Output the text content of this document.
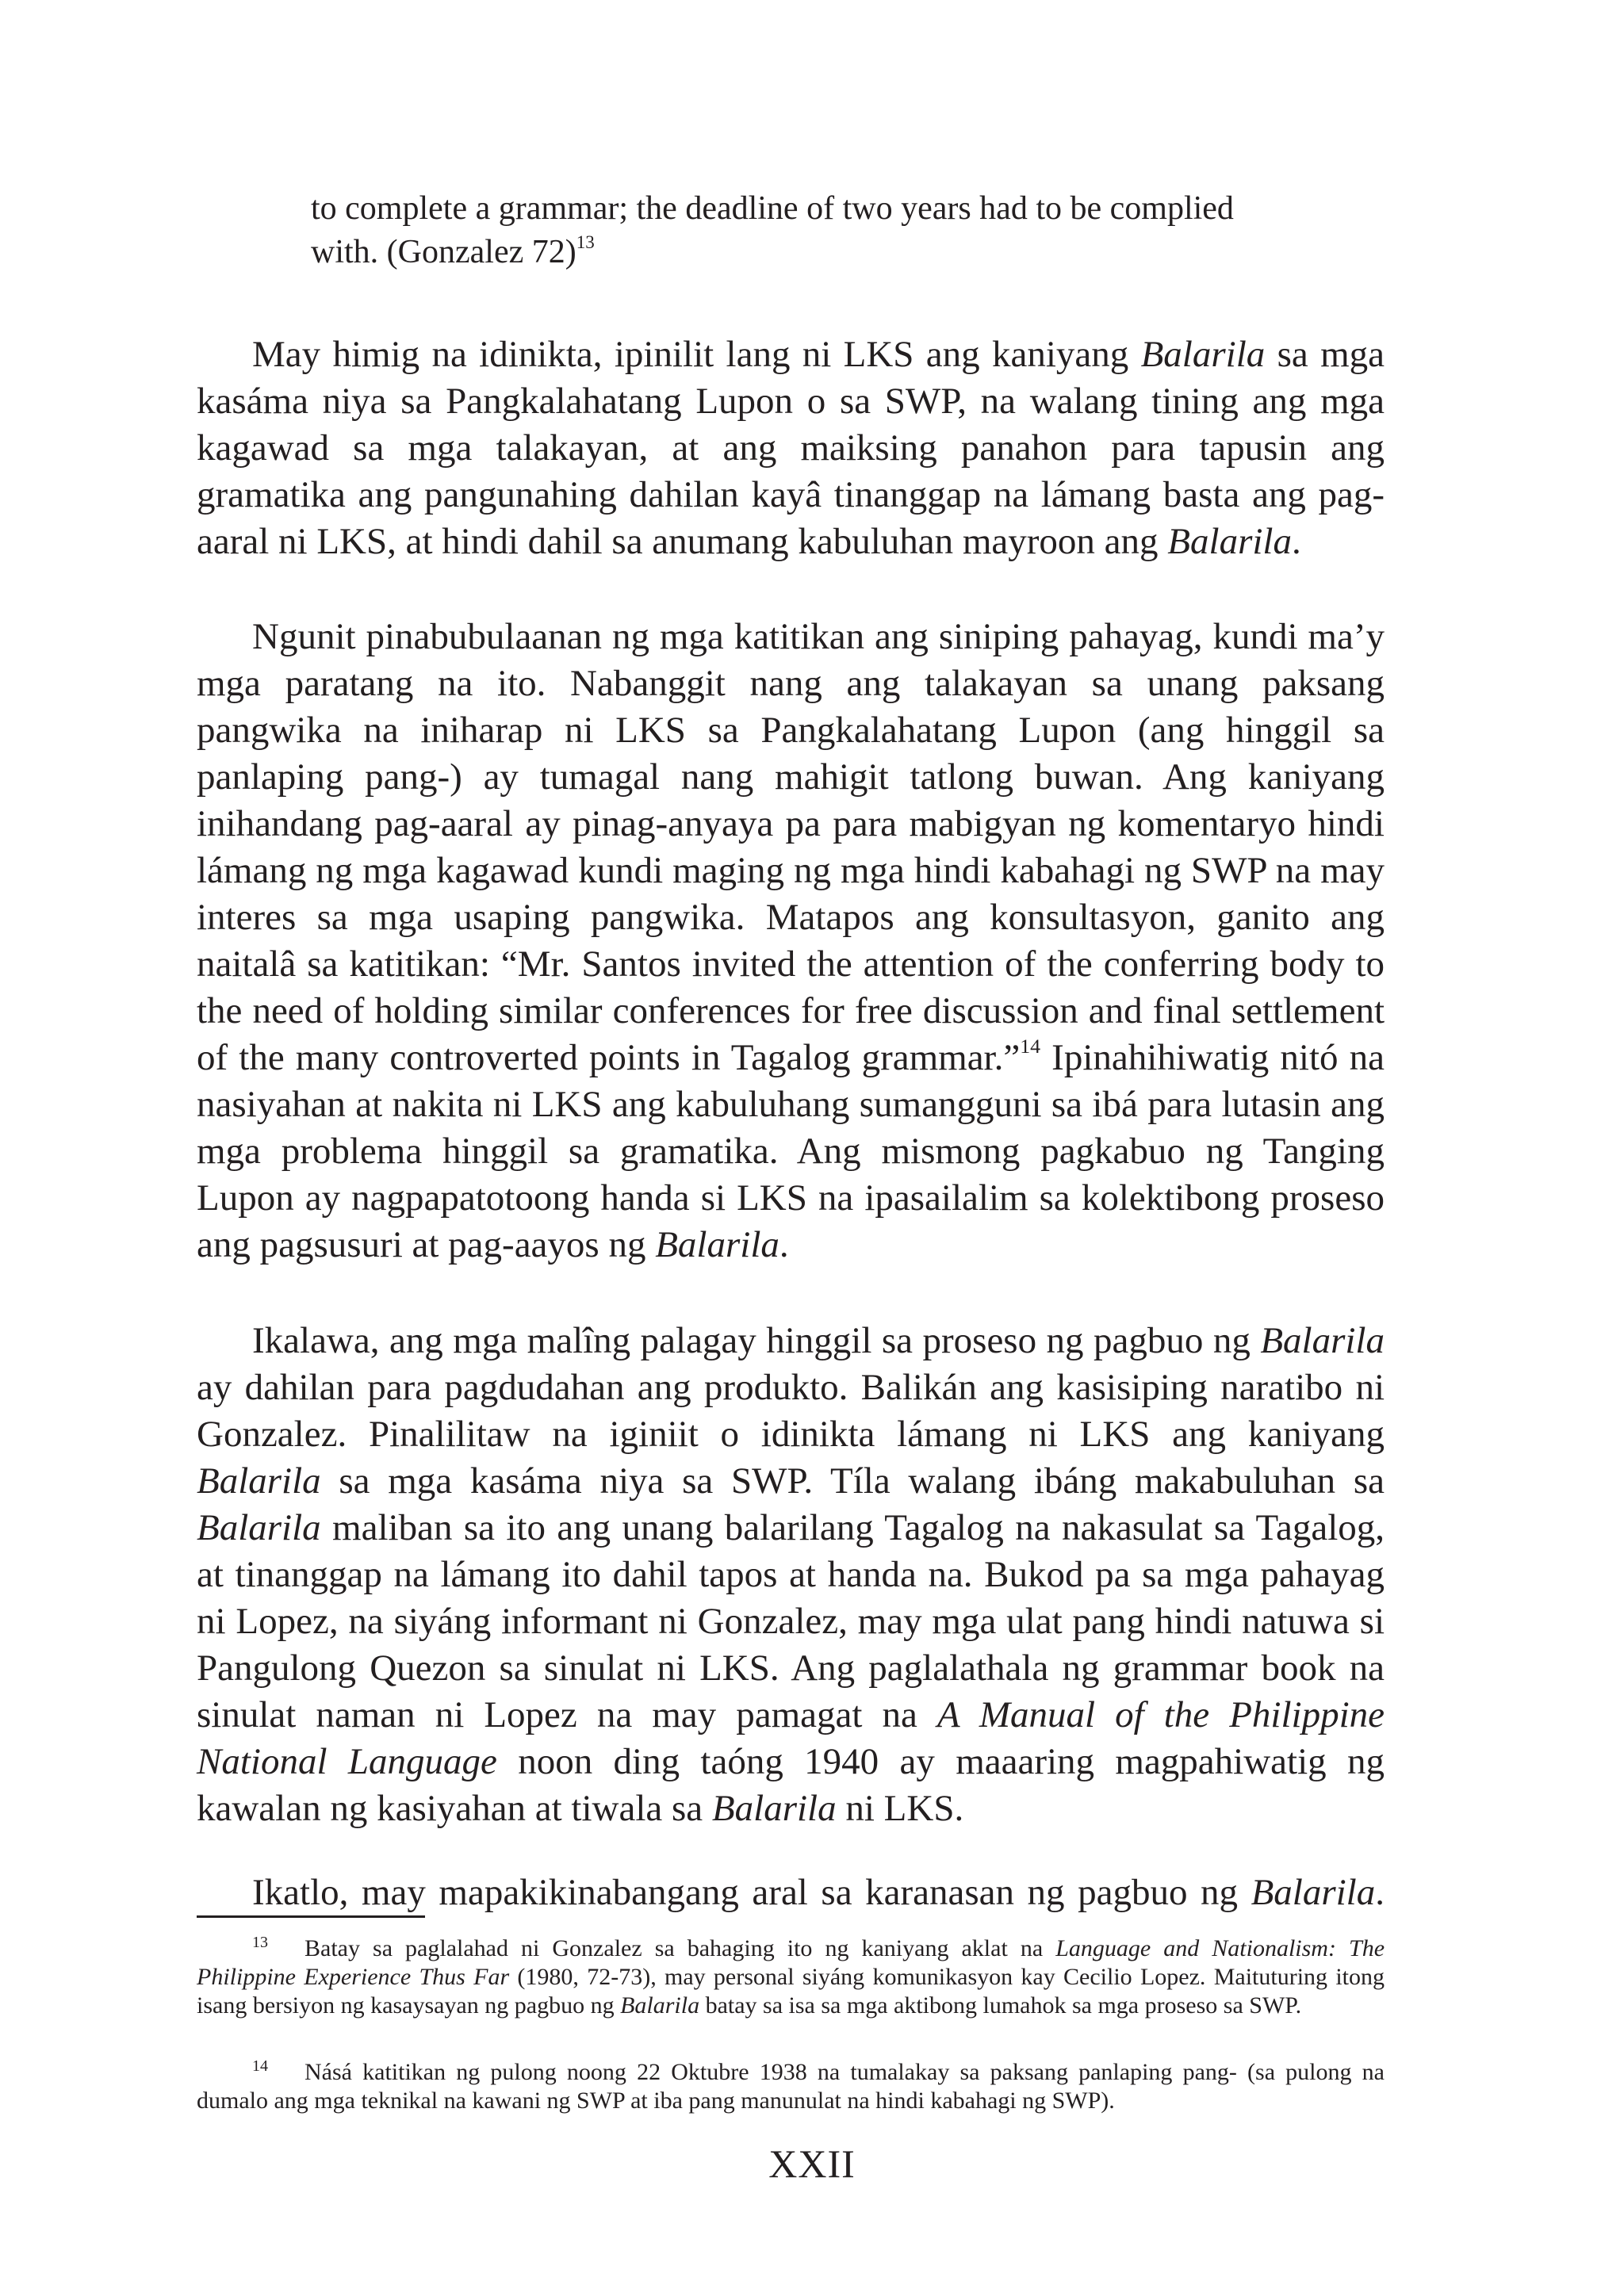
to complete a grammar; the deadline of two years had to be complied
with. (Gonzalez 72)$^{13}$

May himig na idinikta, ipinilit lang ni LKS ang kaniyang Balarila sa mga kasáma niya sa Pangkalahatang Lupon o sa SWP, na walang tining ang mga kagawad sa mga talakayan, at ang maiksing panahon para tapusin ang gramatika ang pangunahing dahilan kayâ tinanggap na lámang basta ang pag-aaral ni LKS, at hindi dahil sa anumang kabuluhan mayroon ang Balarila.

Ngunit pinabubulaanan ng mga katitikan ang siniping pahayag, kundi ma’y mga paratang na ito. Nabanggit nang ang talakayan sa unang paksang pangwika na iniharap ni LKS sa Pangkalahatang Lupon (ang hinggil sa panlaping pang-) ay tumagal nang mahigit tatlong buwan. Ang kaniyang inihandang pag-aaral ay pinag-anyaya pa para mabigyan ng komentaryo hindi lámang ng mga kagawad kundi maging ng mga hindi kabahagi ng SWP na may interes sa mga usaping pangwika. Matapos ang konsultasyon, ganito ang naitalâ sa katitikan: “Mr. Santos invited the attention of the conferring body to the need of holding similar conferences for free discussion and final settlement of the many controverted points in Tagalog grammar.”$^{14}$ Ipinahihiwatig nitó na nasiyahan at nakita ni LKS ang kabuluhang sumangguni sa ibá para lutasin ang mga problema hinggil sa gramatika. Ang mismong pagkabuo ng Tanging Lupon ay nagpapatotoong handa si LKS na ipasailalim sa kolektibong proseso ang pagsusuri at pag-aayos ng Balarila.

Ikalawa, ang mga malîng palagay hinggil sa proseso ng pagbuo ng Balarila ay dahilan para pagdudahan ang produkto. Balikán ang kasisiping naratibo ni Gonzalez. Pinalilitaw na iginiit o idinikta lámang ni LKS ang kaniyang Balarila sa mga kasáma niya sa SWP. Tíla walang ibáng makabuluhan sa Balarila maliban sa ito ang unang balarilang Tagalog na nakasulat sa Tagalog, at tinanggap na lámang ito dahil tapos at handa na. Bukod pa sa mga pahayag ni Lopez, na siyáng informant ni Gonzalez, may mga ulat pang hindi natuwa si Pangulong Quezon sa sinulat ni LKS. Ang paglalathala ng grammar book na sinulat naman ni Lopez na may pamagat na A Manual of the Philippine National Language noon ding taóng 1940 ay maaaring magpahiwatig ng kawalan ng kasiyahan at tiwala sa Balarila ni LKS.

Ikatlo, may mapakikinabangang aral sa karanasan ng pagbuo ng Balarila.

$^{13}$ Batay sa paglalahad ni Gonzalez sa bahaging ito ng kaniyang aklat na Language and Nationalism: The Philippine Experience Thus Far (1980, 72-73), may personal siyáng komunikasyon kay Cecilio Lopez. Maituturing itong isang bersiyon ng kasaysayan ng pagbuo ng Balarila batay sa isa sa mga aktibong lumahok sa mga proseso sa SWP.

$^{14}$ Násá katitikan ng pulong noong 22 Oktubre 1938 na tumalakay sa paksang panlaping pang- (sa pulong na dumalo ang mga teknikal na kawani ng SWP at iba pang manunulat na hindi kabahagi ng SWP).

XXII
